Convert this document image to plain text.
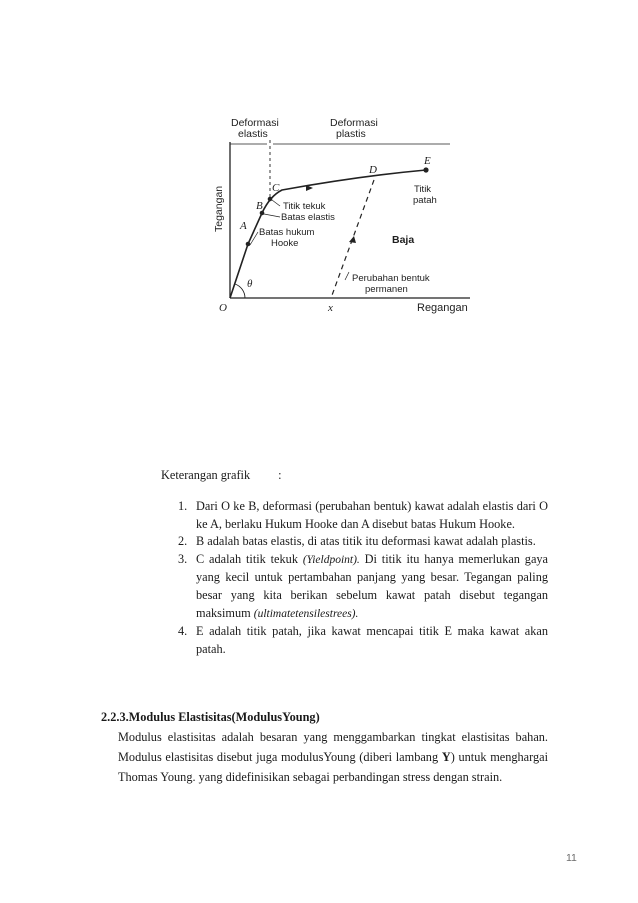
Deformasi
elastis
Deformasi
plastis
Tegangan
Regangan
O	x
θ
A
B
C
D
E
Titik tekuk
Batas elastis
Batas hukum
Hooke
Titik
patah
Baja
Perubahan bentuk
permanen
Keterangan grafik :
1. Dari O ke B, deformasi (perubahan bentuk) kawat adalah elastis dari O ke A, berlaku Hukum Hooke dan A disebut batas Hukum Hooke.
2. B adalah batas elastis, di atas titik itu deformasi kawat adalah plastis.
3. C adalah titik tekuk (Yieldpoint). Di titik itu hanya memerlukan gaya yang kecil untuk pertambahan panjang yang besar. Tegangan paling besar yang kita berikan sebelum kawat patah disebut tegangan maksimum (ultimatetensilestrees).
4. E adalah titik patah, jika kawat mencapai titik E maka kawat akan patah.
2.2.3.Modulus Elastisitas(ModulusYoung)

Modulus elastisitas adalah besaran yang menggambarkan tingkat elastisitas bahan. Modulus elastisitas disebut juga modulusYoung (diberi lambang Y) untuk menghargai Thomas Young. yang didefinisikan sebagai perbandingan stress dengan strain.

11
